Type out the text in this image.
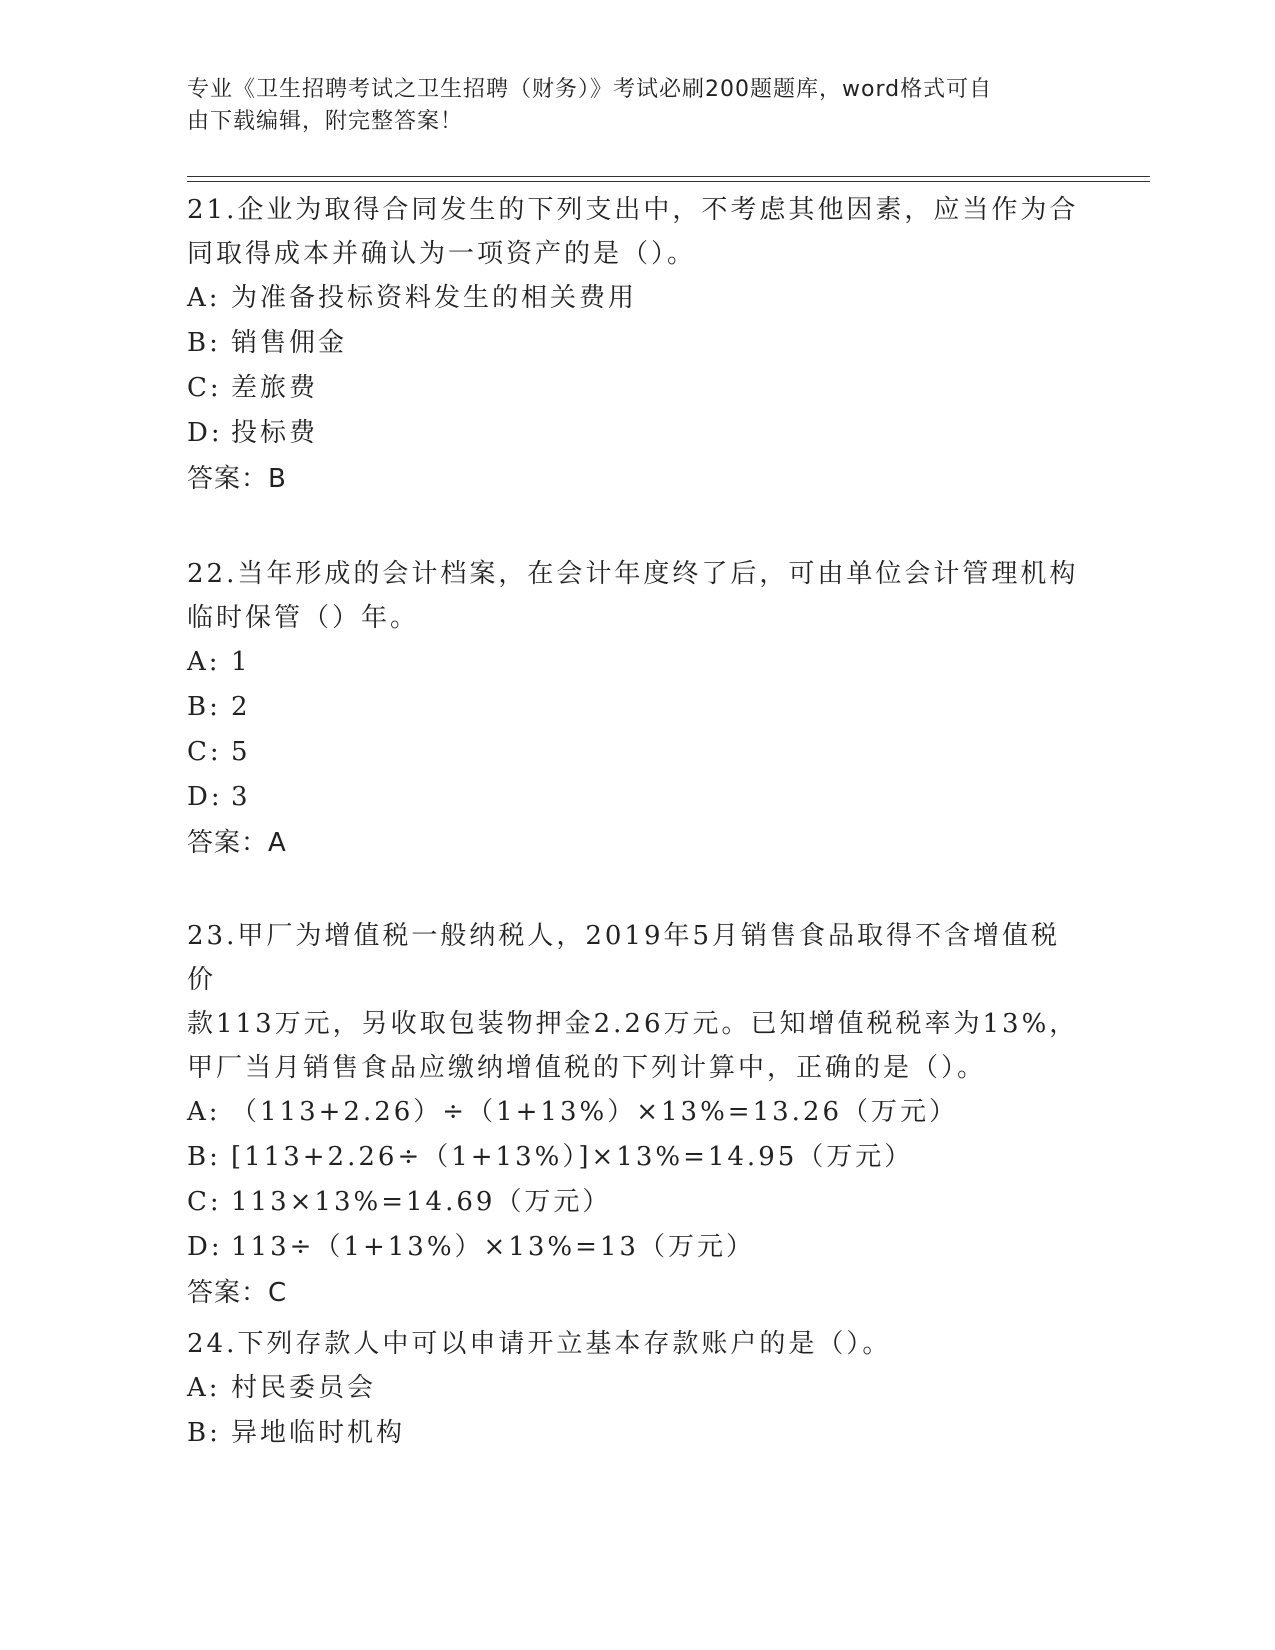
专业《卫生招聘考试之卫生招聘（财务）》考试必刷200题题库，word格式可自
由下载编辑，附完整答案！

21.企业为取得合同发生的下列支出中，不考虑其他因素，应当作为合

同取得成本并确认为一项资产的是（）。

A: 为准备投标资料发生的相关费用

B: 销售佣金

C: 差旅费

D: 投标费

答案：B

22.当年形成的会计档案，在会计年度终了后，可由单位会计管理机构

临时保管（）年。

A: 1

B: 2

C: 5

D: 3

答案：A

23.甲厂为增值税一般纳税人，2019年5月销售食品取得不含增值税价

款113万元，另收取包装物押金2.26万元。已知增值税税率为13%，

甲厂当月销售食品应缴纳增值税的下列计算中，正确的是（）。

A: （113+2.26）÷（1+13%）×13%=13.26（万元）

B: [113+2.26÷（1+13%）]×13%=14.95（万元）

C: 113×13%=14.69（万元）

D: 113÷（1+13%）×13%=13（万元）

答案：C

24.下列存款人中可以申请开立基本存款账户的是（）。

A: 村民委员会

B: 异地临时机构
